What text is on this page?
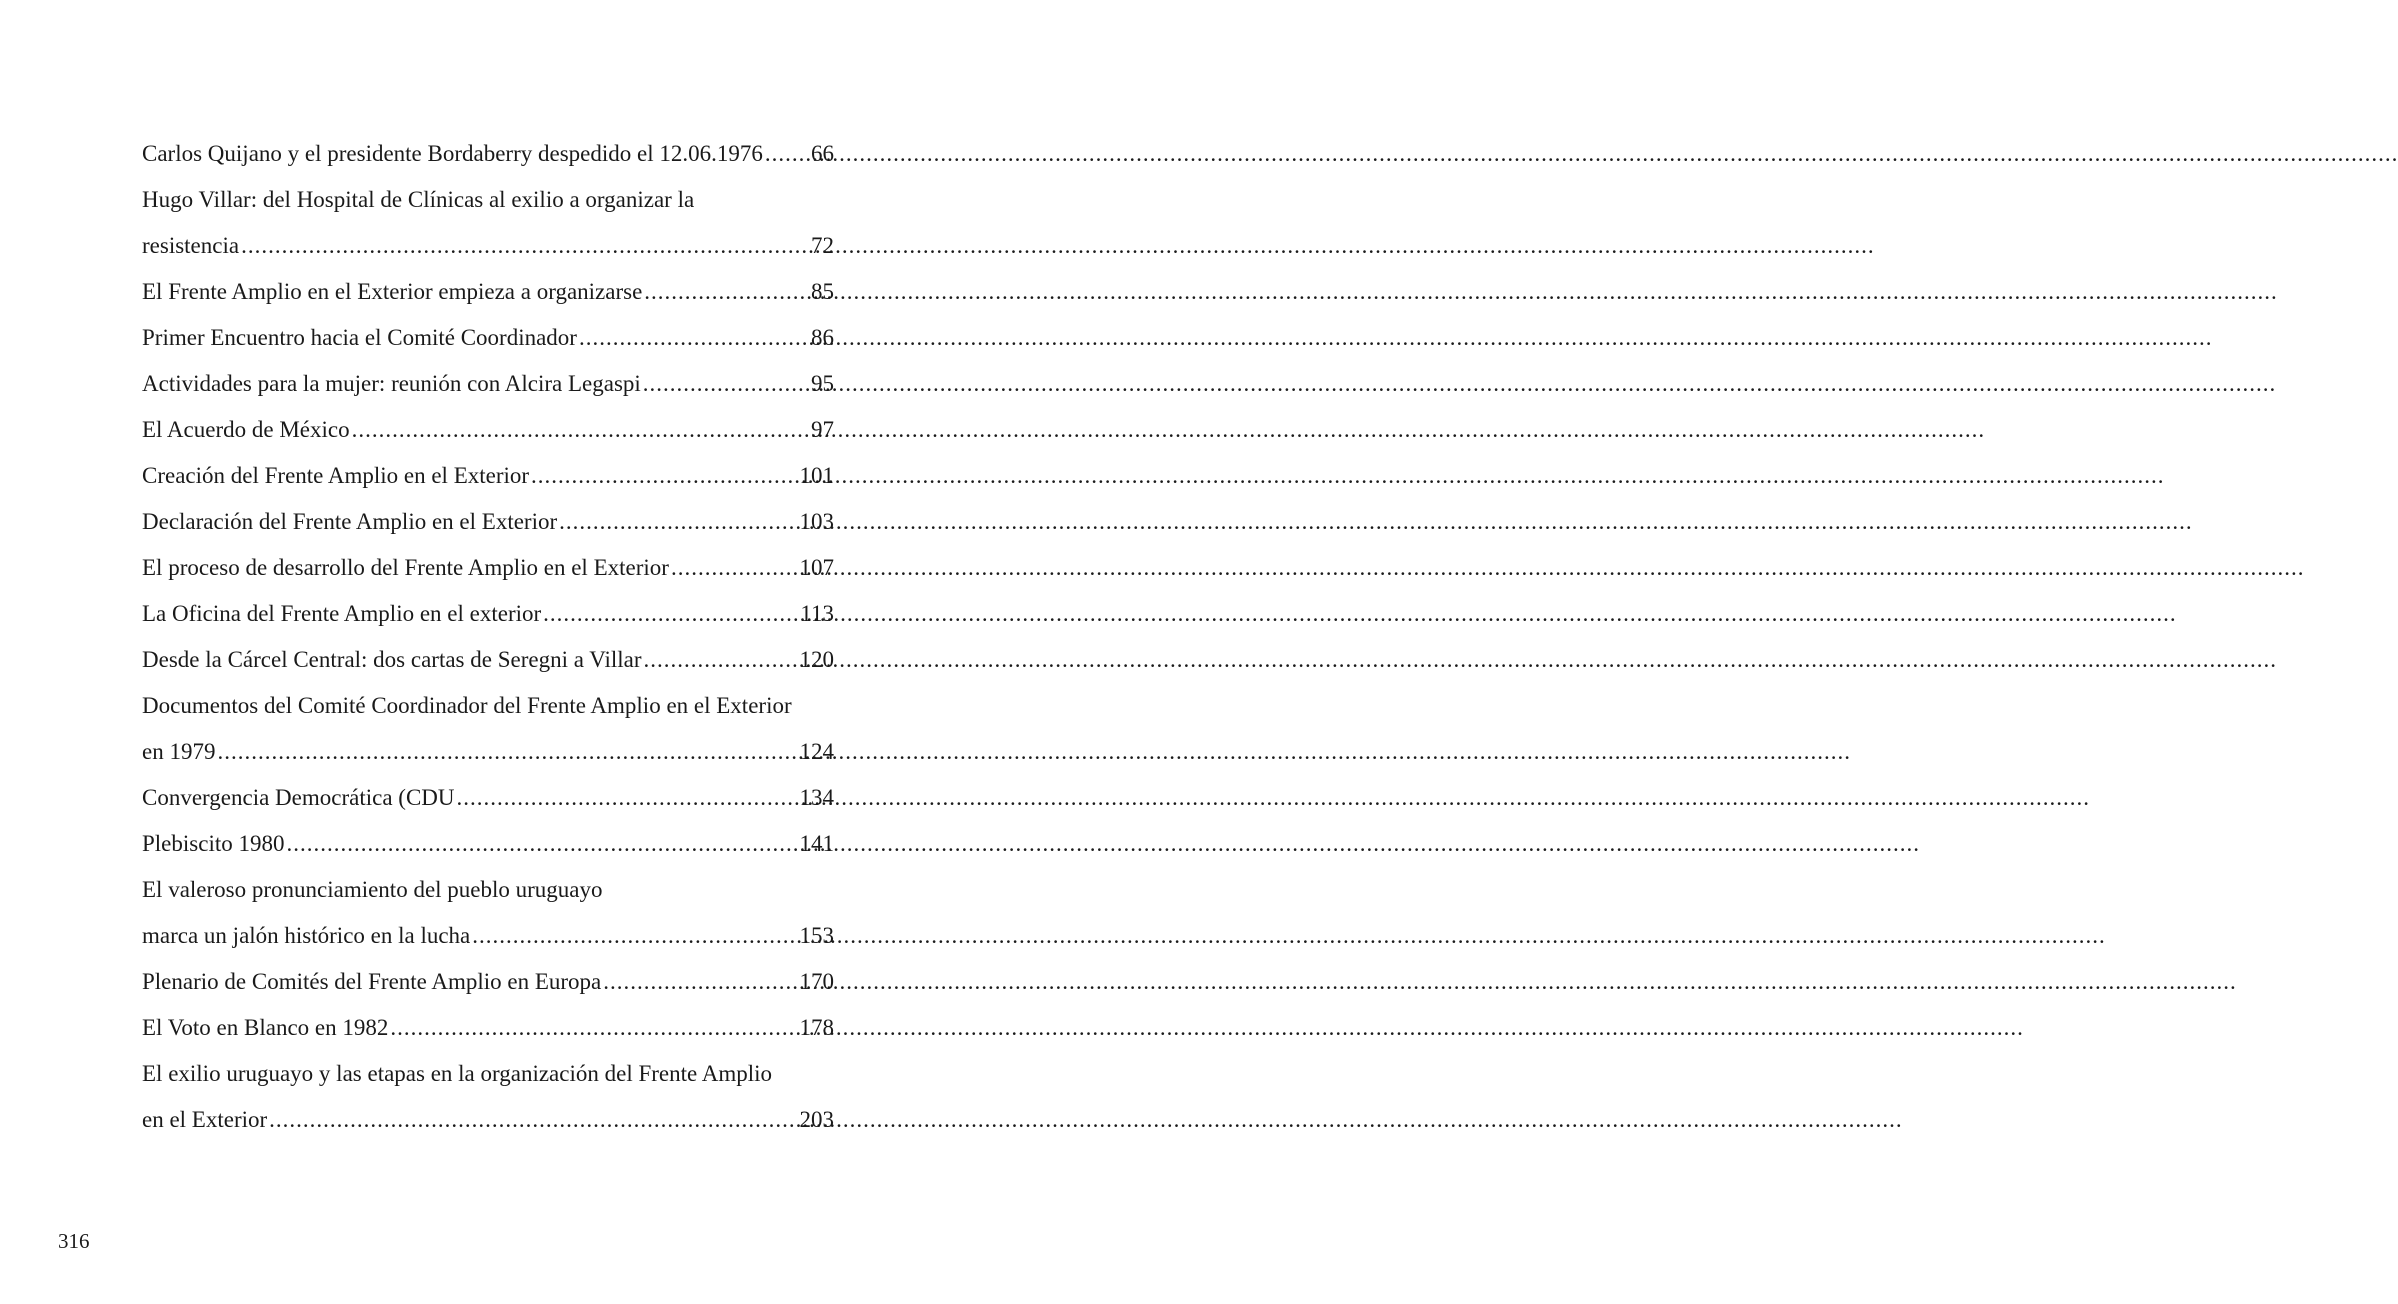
Carlos Quijano y el presidente Bordaberry despedido el 12.06.1976 ..... 66
Hugo Villar: del Hospital de Clínicas al exilio a organizar la
resistencia .....	72
El Frente Amplio en el Exterior empieza a organizarse .....	85
Primer Encuentro hacia el Comité Coordinador .....	86
Actividades para la mujer: reunión con Alcira Legaspi .....	95
El Acuerdo de México .....	97
Creación del Frente Amplio en el Exterior .....	101
Declaración del Frente Amplio en el Exterior .....	103
El proceso de desarrollo del Frente Amplio en el Exterior .....	107
La Oficina del Frente Amplio en el exterior .....	113
Desde la Cárcel Central: dos cartas de Seregni a Villar .....	120
Documentos del Comité Coordinador del Frente Amplio en el Exterior
en 1979 .....	124
Convergencia Democrática (CDU .....	134
Plebiscito 1980 .....	141
El valeroso pronunciamiento del pueblo uruguayo
marca un jalón histórico en la lucha .....	153
Plenario de Comités del Frente Amplio en Europa .....	170
El Voto en Blanco en 1982 .....	178
El exilio uruguayo y las etapas en la organización del Frente Amplio
en el Exterior .....	203
316
